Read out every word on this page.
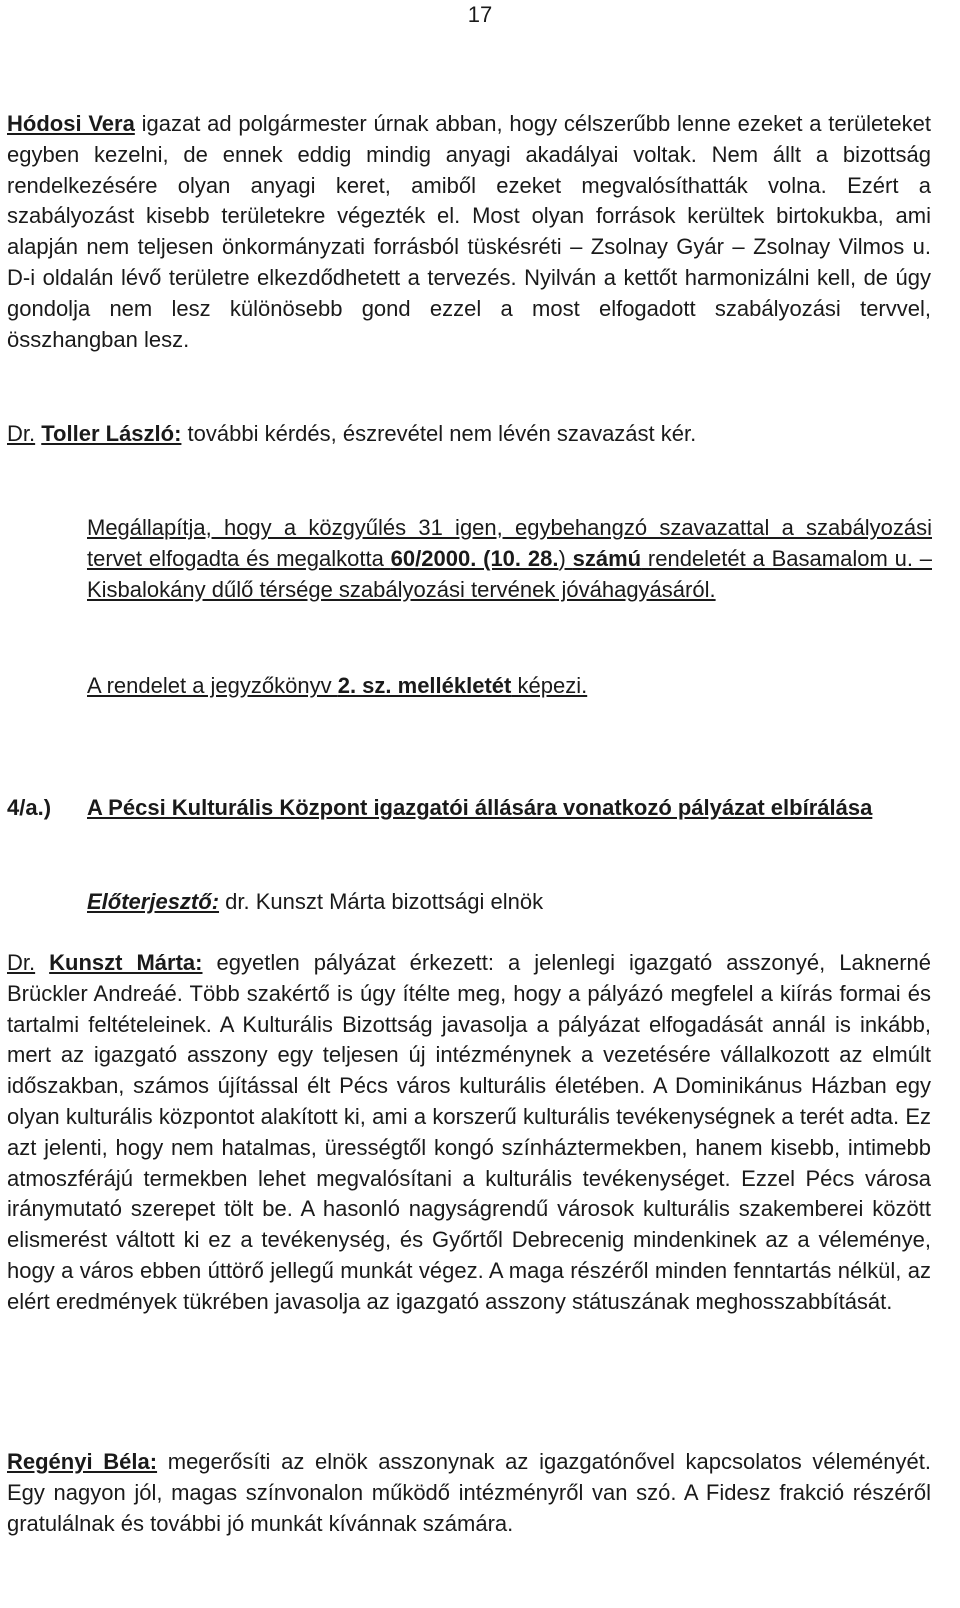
17
Hódosi Vera igazat ad polgármester úrnak abban, hogy célszerűbb lenne ezeket a területeket egyben kezelni, de ennek eddig mindig anyagi akadályai voltak. Nem állt a bizottság rendelkezésére olyan anyagi keret, amiből ezeket megvalósíthatták volna. Ezért a szabályozást kisebb területekre végezték el. Most olyan források kerültek birtokukba, ami alapján nem teljesen önkormányzati forrásból tüskésréti – Zsolnay Gyár – Zsolnay Vilmos u. D-i oldalán lévő területre elkezdődhetett a tervezés. Nyilván a kettőt harmonizálni kell, de úgy gondolja nem lesz különösebb gond ezzel a most elfogadott szabályozási tervvel, összhangban lesz.
Dr. Toller László: további kérdés, észrevétel nem lévén szavazást kér.
Megállapítja, hogy a közgyűlés 31 igen, egybehangzó szavazattal a szabályozási tervet elfogadta és megalkotta 60/2000. (10. 28.) számú rendeletét a Basamalom u. – Kisbalokány dűlő térsége szabályozási tervének jóváhagyásáról.
A rendelet a jegyzőkönyv 2. sz. mellékletét képezi.
4/a.) A Pécsi Kulturális Központ igazgatói állására vonatkozó pályázat elbírálása
Előterjesztő: dr. Kunszt Márta bizottsági elnök
Dr. Kunszt Márta: egyetlen pályázat érkezett: a jelenlegi igazgató asszonyé, Laknerné Brückler Andreáé. Több szakértő is úgy ítélte meg, hogy a pályázó megfelel a kiírás formai és tartalmi feltételeinek. A Kulturális Bizottság javasolja a pályázat elfogadását annál is inkább, mert az igazgató asszony egy teljesen új intézménynek a vezetésére vállalkozott az elmúlt időszakban, számos újítással élt Pécs város kulturális életében. A Dominikánus Házban egy olyan kulturális központot alakított ki, ami a korszerű kulturális tevékenységnek a terét adta. Ez azt jelenti, hogy nem hatalmas, ürességtől kongó színháztermekben, hanem kisebb, intimebb atmoszférájú termekben lehet megvalósítani a kulturális tevékenységet. Ezzel Pécs városa iránymutató szerepet tölt be. A hasonló nagyságrendű városok kulturális szakemberei között elismerést váltott ki ez a tevékenység, és Győrtől Debrecenig mindenkinek az a véleménye, hogy a város ebben úttörő jellegű munkát végez. A maga részéről minden fenntartás nélkül, az elért eredmények tükrében javasolja az igazgató asszony státuszának meghosszabbítását.
Regényi Béla: megerősíti az elnök asszonynak az igazgatónővel kapcsolatos véleményét. Egy nagyon jól, magas színvonalon működő intézményről van szó. A Fidesz frakció részéről gratulálnak és további jó munkát kívánnak számára.
